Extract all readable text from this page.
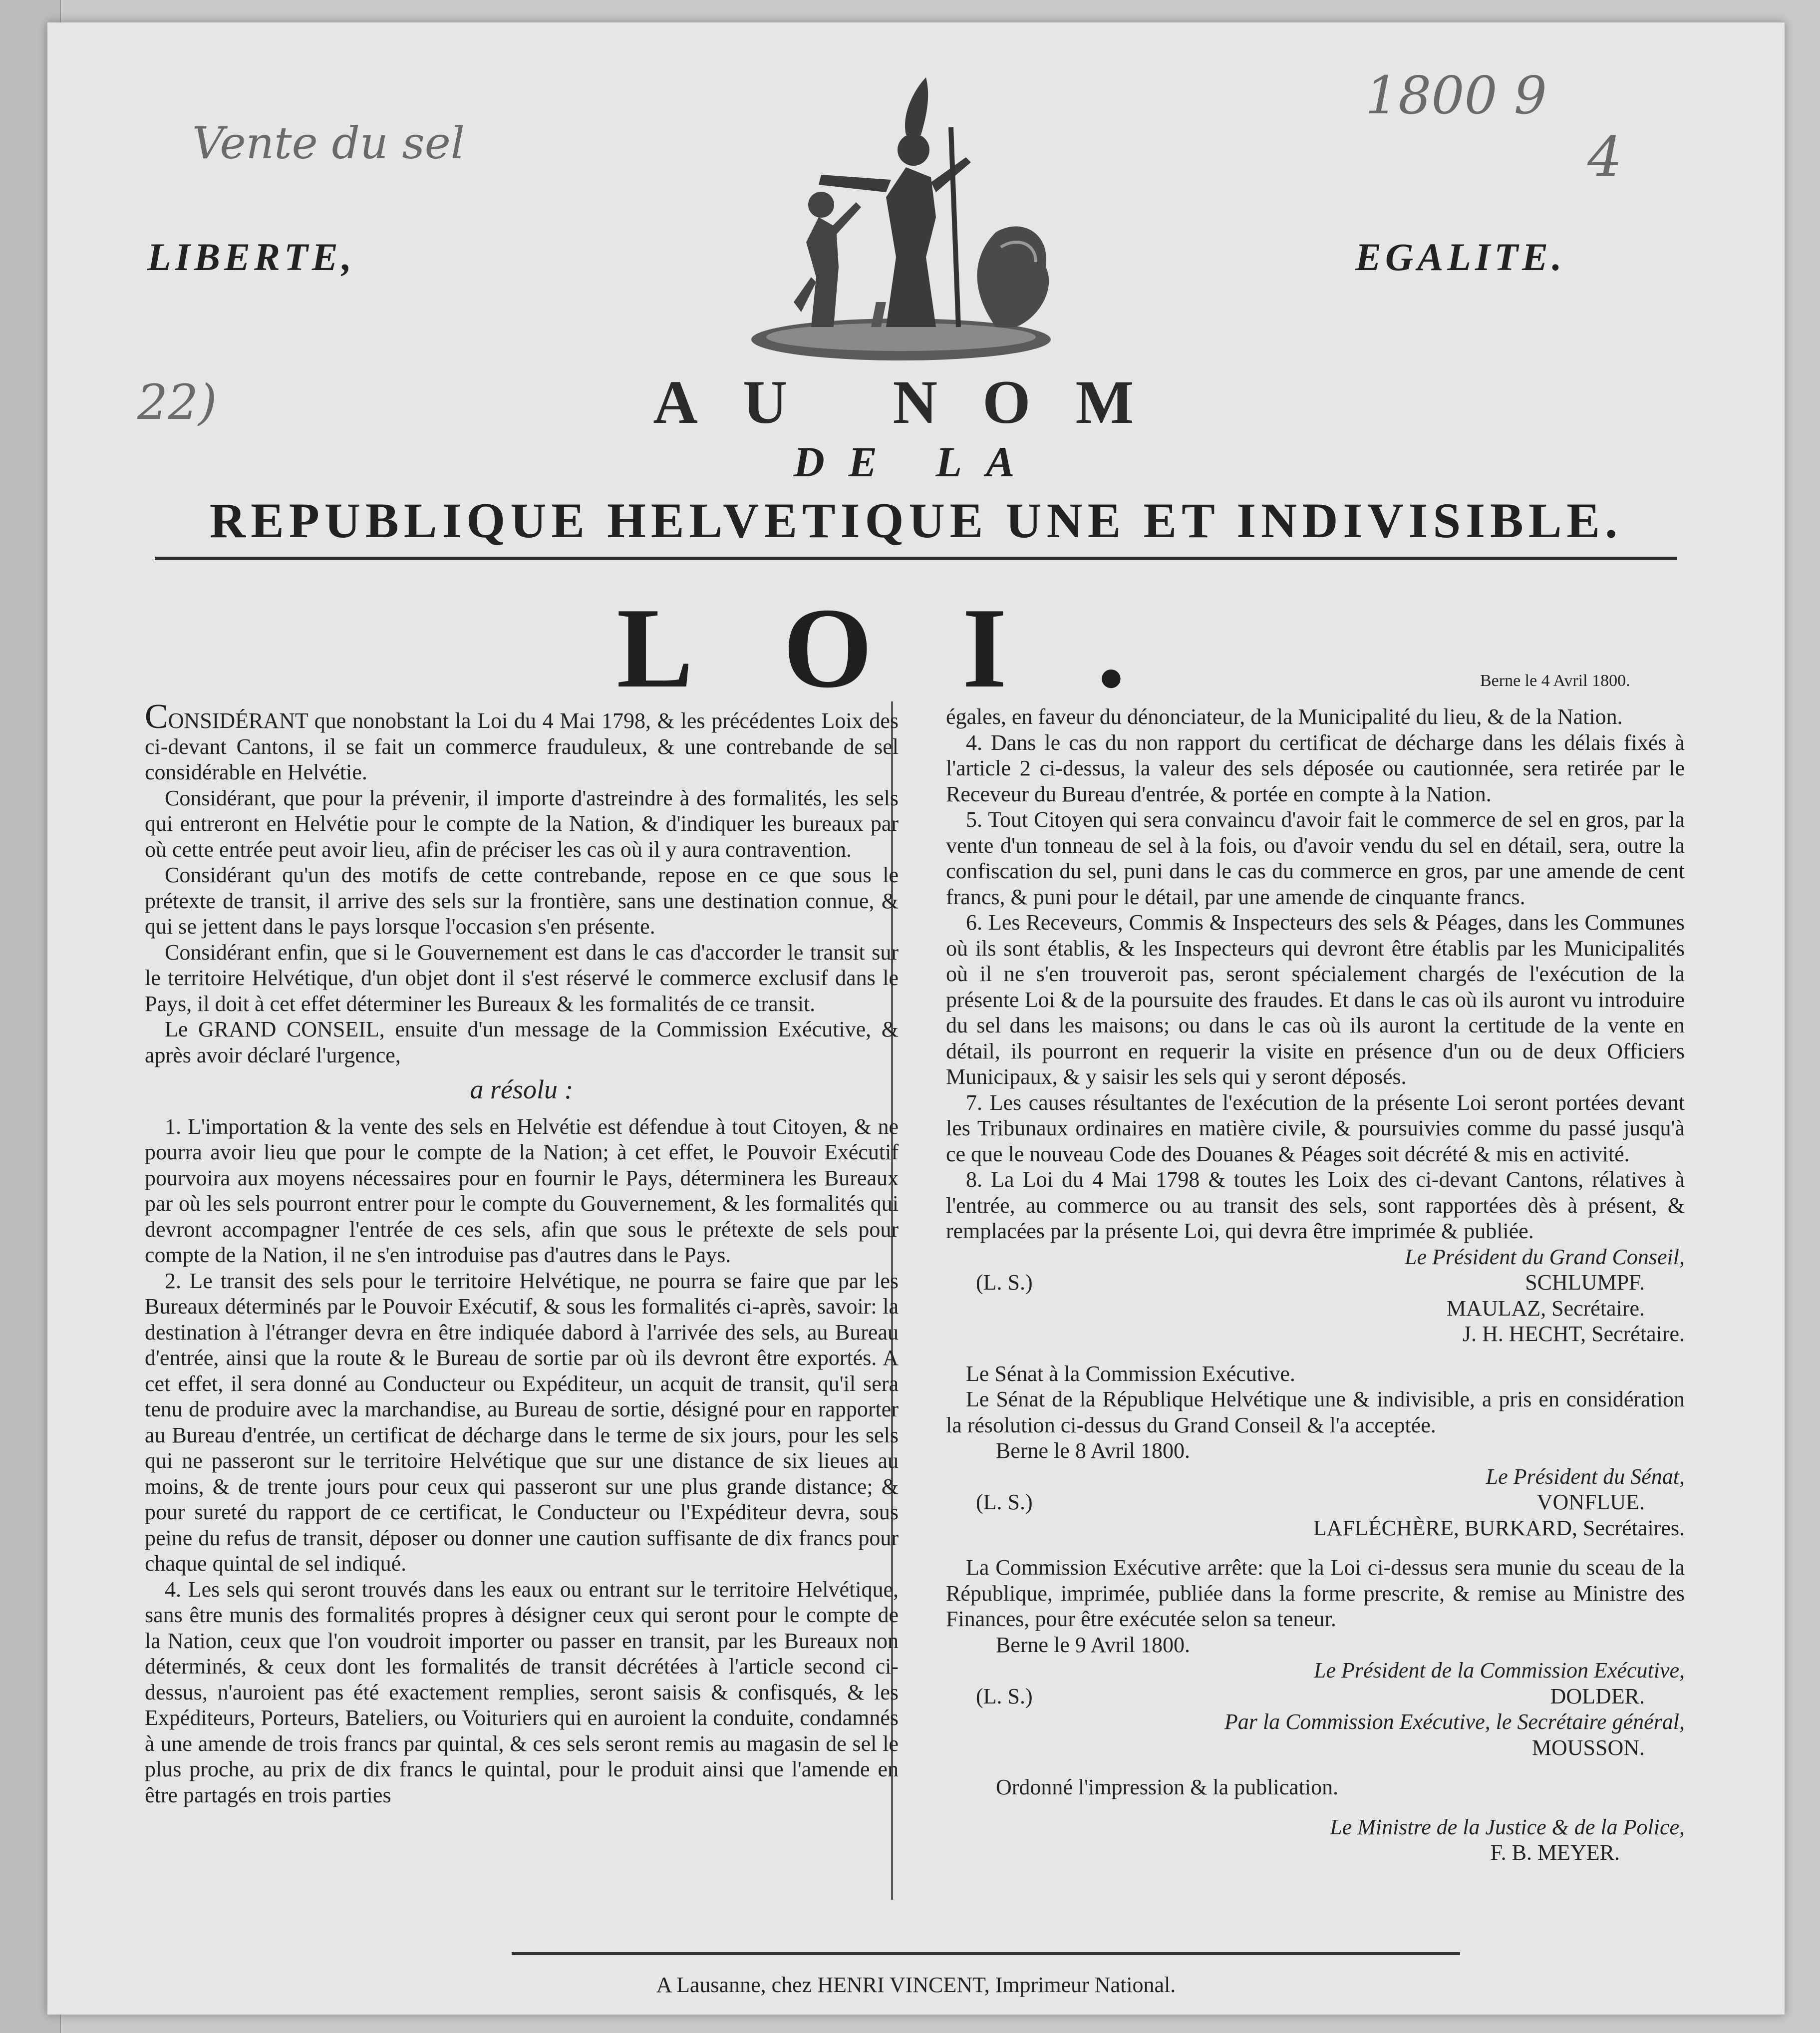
Vente du sel
22)
1800 9
4
LIBERTE,	EGALITE.
AU NOM
DE LA
REPUBLIQUE HELVETIQUE UNE ET INDIVISIBLE.
LOI.	Berne le 4 Avril 1800.

CONSIDÉRANT que nonobstant la Loi du 4 Mai 1798, & les précédentes Loix des ci-devant Cantons, il se fait un commerce frauduleux, & une contrebande de sel considérable en Helvétie.

Considérant, que pour la prévenir, il importe d'astreindre à des formalités, les sels qui entreront en Helvétie pour le compte de la Nation, & d'indiquer les bureaux par où cette entrée peut avoir lieu, afin de préciser les cas où il y aura contravention.

Considérant qu'un des motifs de cette contrebande, repose en ce que sous le prétexte de transit, il arrive des sels sur la frontière, sans une destination connue, & qui se jettent dans le pays lorsque l'occasion s'en présente.

Considérant enfin, que si le Gouvernement est dans le cas d'accorder le transit sur le territoire Helvétique, d'un objet dont il s'est réservé le commerce exclusif dans le Pays, il doit à cet effet déterminer les Bureaux & les formalités de ce transit.

Le GRAND CONSEIL, ensuite d'un message de la Commission Exécutive, & après avoir déclaré l'urgence,

a résolu :

1. L'importation & la vente des sels en Helvétie est défendue à tout Citoyen, & ne pourra avoir lieu que pour le compte de la Nation; à cet effet, le Pouvoir Exécutif pourvoira aux moyens nécessaires pour en fournir le Pays, déterminera les Bureaux par où les sels pourront entrer pour le compte du Gouvernement, & les formalités qui devront accompagner l'entrée de ces sels, afin que sous le prétexte de sels pour compte de la Nation, il ne s'en introduise pas d'autres dans le Pays.

2. Le transit des sels pour le territoire Helvétique, ne pourra se faire que par les Bureaux déterminés par le Pouvoir Exécutif, & sous les formalités ci-après, savoir: la destination à l'étranger devra en être indiquée dabord à l'arrivée des sels, au Bureau d'entrée, ainsi que la route & le Bureau de sortie par où ils devront être exportés. A cet effet, il sera donné au Conducteur ou Expéditeur, un acquit de transit, qu'il sera tenu de produire avec la marchandise, au Bureau de sortie, désigné pour en rapporter au Bureau d'entrée, un certificat de décharge dans le terme de six jours, pour les sels qui ne passeront sur le territoire Helvétique que sur une distance de six lieues au moins, & de trente jours pour ceux qui passeront sur une plus grande distance; & pour sureté du rapport de ce certificat, le Conducteur ou l'Expéditeur devra, sous peine du refus de transit, déposer ou donner une caution suffisante de dix francs pour chaque quintal de sel indiqué.

4. Les sels qui seront trouvés dans les eaux ou entrant sur le territoire Helvétique, sans être munis des formalités propres à désigner ceux qui seront pour le compte de la Nation, ceux que l'on voudroit importer ou passer en transit, par les Bureaux non déterminés, & ceux dont les formalités de transit décrétées à l'article second ci-dessus, n'auroient pas été exactement remplies, seront saisis & confisqués, & les Expéditeurs, Porteurs, Bateliers, ou Voituriers qui en auroient la conduite, condamnés à une amende de trois francs par quintal, & ces sels seront remis au magasin de sel le plus proche, au prix de dix francs le quintal, pour le produit ainsi que l'amende en être partagés en trois parties

égales, en faveur du dénonciateur, de la Municipalité du lieu, & de la Nation.

4. Dans le cas du non rapport du certificat de décharge dans les délais fixés à l'article 2 ci-dessus, la valeur des sels déposée ou cautionnée, sera retirée par le Receveur du Bureau d'entrée, & portée en compte à la Nation.

5. Tout Citoyen qui sera convaincu d'avoir fait le commerce de sel en gros, par la vente d'un tonneau de sel à la fois, ou d'avoir vendu du sel en détail, sera, outre la confiscation du sel, puni dans le cas du commerce en gros, par une amende de cent francs, & puni pour le détail, par une amende de cinquante francs.

6. Les Receveurs, Commis & Inspecteurs des sels & Péages, dans les Communes où ils sont établis, & les Inspecteurs qui devront être établis par les Municipalités où il ne s'en trouveroit pas, seront spécialement chargés de l'exécution de la présente Loi & de la poursuite des fraudes. Et dans le cas où ils auront vu introduire du sel dans les maisons; ou dans le cas où ils auront la certitude de la vente en détail, ils pourront en requerir la visite en présence d'un ou de deux Officiers Municipaux, & y saisir les sels qui y seront déposés.

7. Les causes résultantes de l'exécution de la présente Loi seront portées devant les Tribunaux ordinaires en matière civile, & poursuivies comme du passé jusqu'à ce que le nouveau Code des Douanes & Péages soit décrété & mis en activité.

8. La Loi du 4 Mai 1798 & toutes les Loix des ci-devant Cantons, rélatives à l'entrée, au commerce ou au transit des sels, sont rapportées dès à présent, & remplacées par la présente Loi, qui devra être imprimée & publiée.

Le Président du Grand Conseil,

(L. S.)	SCHLUMPF.

MAULAZ, Secrétaire.

J. H. HECHT, Secrétaire.

Le Sénat à la Commission Exécutive.

Le Sénat de la République Helvétique une & indivisible, a pris en considération la résolution ci-dessus du Grand Conseil & l'a acceptée.

Berne le 8 Avril 1800.

Le Président du Sénat,

(L. S.)	VONFLUE.

LAFLÉCHÈRE, BURKARD, Secrétaires.

La Commission Exécutive arrête: que la Loi ci-dessus sera munie du sceau de la République, imprimée, publiée dans la forme prescrite, & remise au Ministre des Finances, pour être exécutée selon sa teneur.

Berne le 9 Avril 1800.

Le Président de la Commission Exécutive,

(L. S.)	DOLDER.

Par la Commission Exécutive, le Secrétaire général,

MOUSSON.

Ordonné l'impression & la publication.

Le Ministre de la Justice & de la Police,

F. B. MEYER.

A Lausanne, chez HENRI VINCENT, Imprimeur National.
